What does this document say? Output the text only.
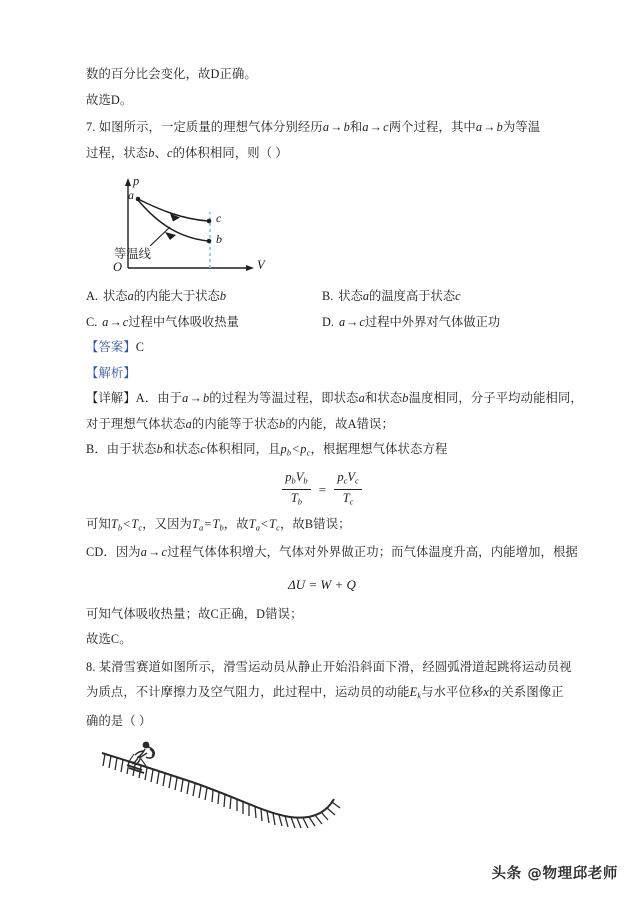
数的百分比会变化，故D正确。
故选D。
7. 如图所示，一定质量的理想气体分别经历a→b和a→c两个过程，其中a→b为等温
过程，状态b、c的体积相同，则（ ）
p
V
O
a
c
b
等温线
A. 状态a的内能大于状态b	B. 状态a的温度高于状态c
C. a→c过程中气体吸收热量	D. a→c过程中外界对气体做正功
【答案】C
【解析】
【详解】A．由于a→b的过程为等温过程，即状态a和状态b温度相同，分子平均动能相同，
对于理想气体状态a的内能等于状态b的内能，故A错误；
B．由于状态b和状态c体积相同，且$p_b<p_c$，根据理想气体状态方程
$\frac{p_bV_b}{T_b} = \frac{p_cV_c}{T_c}$
可知$T_b<T_c$，又因为$T_a=T_b$，故$T_a<T_c$，故B错误；
CD．因为a→c过程气体体积增大，气体对外界做正功；而气体温度升高，内能增加，根据
ΔU = W + Q
可知气体吸收热量；故C正确，D错误；
故选C。
8. 某滑雪赛道如图所示，滑雪运动员从静止开始沿斜面下滑，经圆弧滑道起跳将运动员视
为质点，不计摩擦力及空气阻力，此过程中，运动员的动能$E_k$与水平位移x的关系图像正
确的是（ ）
头条 @物理邱老师
